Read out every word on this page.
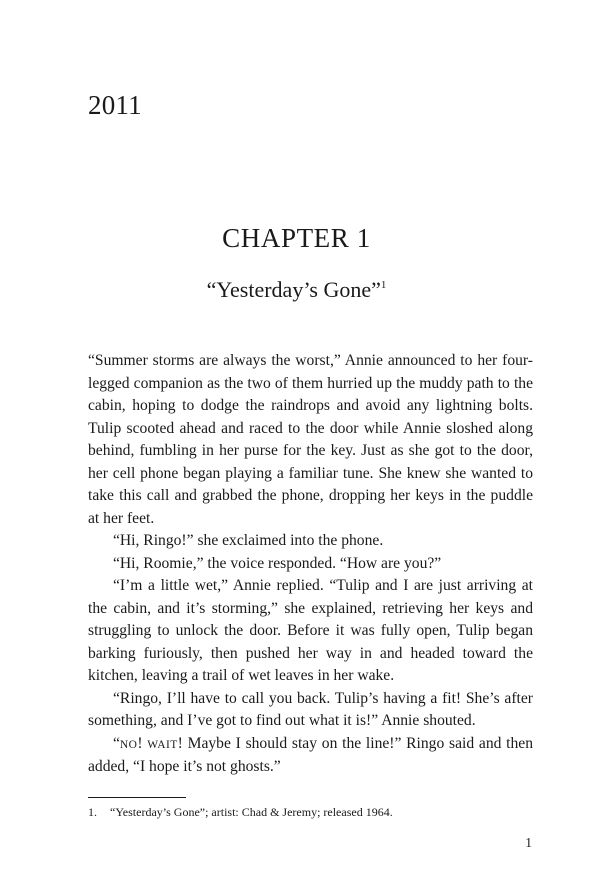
2011
CHAPTER 1
“Yesterday’s Gone”$^1$

“Summer storms are always the worst,” Annie announced to her four-legged companion as the two of them hurried up the muddy path to the cabin, hoping to dodge the raindrops and avoid any lightning bolts. Tulip scooted ahead and raced to the door while Annie sloshed along behind, fumbling in her purse for the key. Just as she got to the door, her cell phone began playing a familiar tune. She knew she wanted to take this call and grabbed the phone, dropping her keys in the puddle at her feet.

“Hi, Ringo!” she exclaimed into the phone.

“Hi, Roomie,” the voice responded. “How are you?”

“I’m a little wet,” Annie replied. “Tulip and I are just arriving at the cabin, and it’s storming,” she explained, retrieving her keys and struggling to unlock the door. Before it was fully open, Tulip began barking furiously, then pushed her way in and headed toward the kitchen, leaving a trail of wet leaves in her wake.

“Ringo, I’ll have to call you back. Tulip’s having a fit! She’s after something, and I’ve got to find out what it is!” Annie shouted.

“NO! WAIT! Maybe I should stay on the line!” Ringo said and then added, “I hope it’s not ghosts.”

1. “Yesterday’s Gone”; artist: Chad & Jeremy; released 1964.
1
